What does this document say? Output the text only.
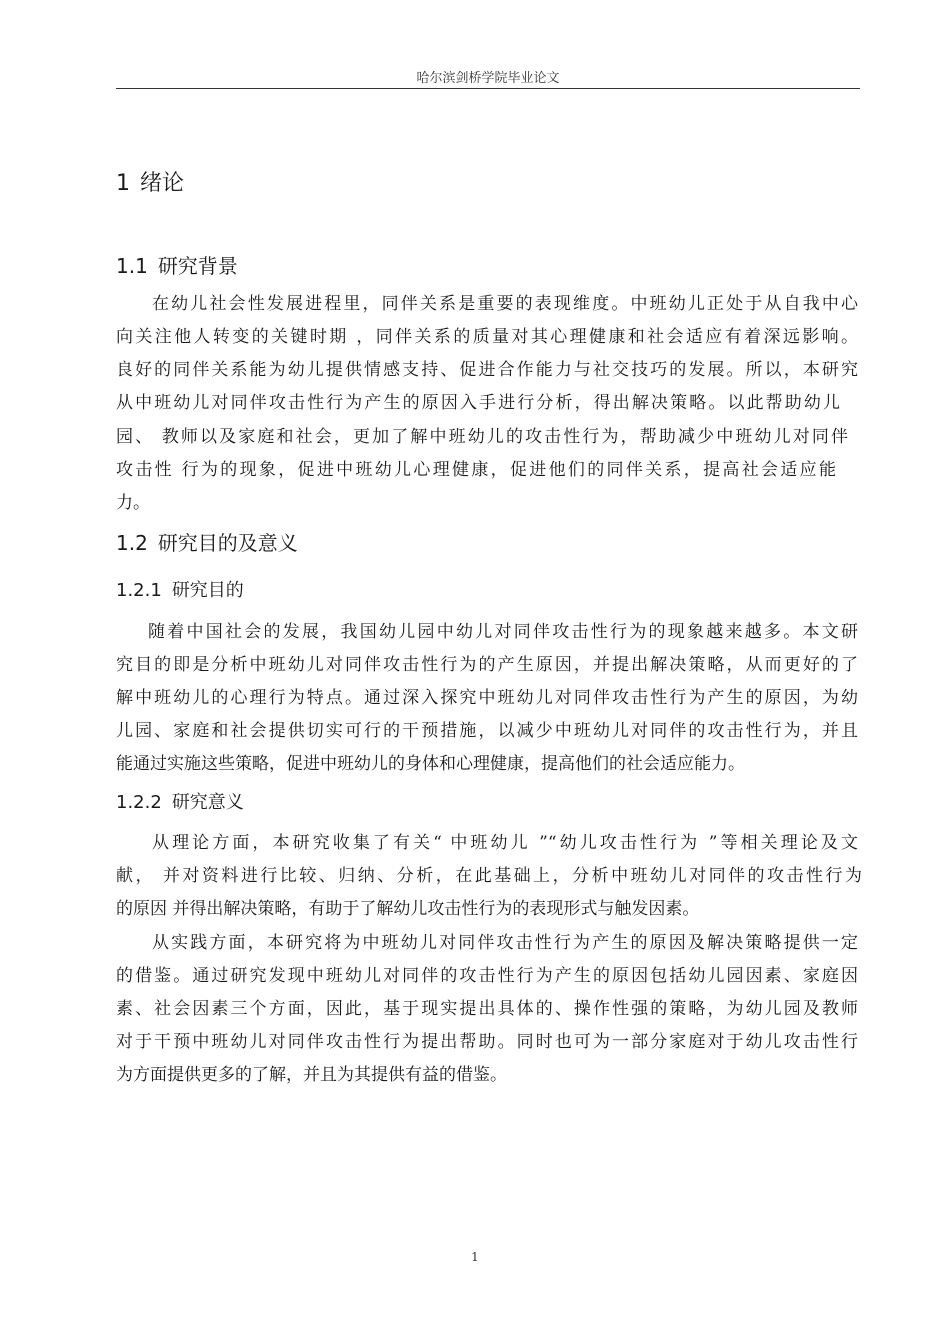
哈尔滨剑桥学院毕业论文
1 绪论
1.1 研究背景
在幼儿社会性发展进程里，同伴关系是重要的表现维度。中班幼儿正处于从自我中心
向关注他人转变的关键时期 ，同伴关系的质量对其心理健康和社会适应有着深远影响。
良好的同伴关系能为幼儿提供情感支持、促进合作能力与社交技巧的发展。所以，本研究
从中班幼儿对同伴攻击性行为产生的原因入手进行分析，得出解决策略。以此帮助幼儿
园、 教师以及家庭和社会，更加了解中班幼儿的攻击性行为，帮助减少中班幼儿对同伴
攻击性 行为的现象，促进中班幼儿心理健康，促进他们的同伴关系，提高社会适应能
力。
1.2 研究目的及意义
1.2.1 研究目的
随着中国社会的发展，我国幼儿园中幼儿对同伴攻击性行为的现象越来越多。本文研
究目的即是分析中班幼儿对同伴攻击性行为的产生原因，并提出解决策略，从而更好的了
解中班幼儿的心理行为特点。通过深入探究中班幼儿对同伴攻击性行为产生的原因，为幼
儿园、家庭和社会提供切实可行的干预措施，以减少中班幼儿对同伴的攻击性行为，并且
能通过实施这些策略，促进中班幼儿的身体和心理健康，提高他们的社会适应能力。
1.2.2 研究意义
从理论方面，本研究收集了有关“ 中班幼儿 ”“幼儿攻击性行为 ”等相关理论及文
献， 并对资料进行比较、归纳、分析，在此基础上，分析中班幼儿对同伴的攻击性行为
的原因 并得出解决策略，有助于了解幼儿攻击性行为的表现形式与触发因素。
从实践方面，本研究将为中班幼儿对同伴攻击性行为产生的原因及解决策略提供一定
的借鉴。通过研究发现中班幼儿对同伴的攻击性行为产生的原因包括幼儿园因素、家庭因
素、社会因素三个方面，因此，基于现实提出具体的、操作性强的策略，为幼儿园及教师
对于干预中班幼儿对同伴攻击性行为提出帮助。同时也可为一部分家庭对于幼儿攻击性行
为方面提供更多的了解，并且为其提供有益的借鉴。
1
